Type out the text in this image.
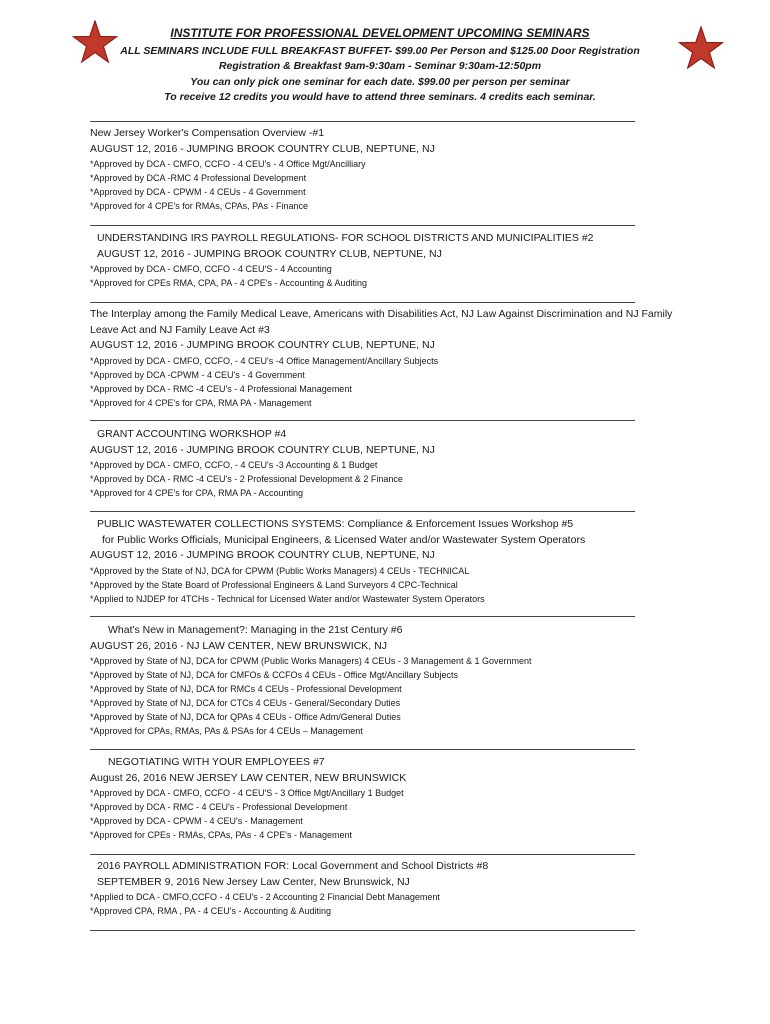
INSTITUTE FOR PROFESSIONAL DEVELOPMENT UPCOMING SEMINARS
ALL SEMINARS INCLUDE FULL BREAKFAST BUFFET- $99.00 Per Person and $125.00 Door Registration
Registration & Breakfast 9am-9:30am - Seminar 9:30am-12:50pm
You can only pick one seminar for each date. $99.00 per person per seminar
To receive 12 credits you would have to attend three seminars. 4 credits each seminar.
New Jersey Worker's Compensation Overview -#1
AUGUST 12, 2016 - JUMPING BROOK COUNTRY CLUB, NEPTUNE, NJ
*Approved by DCA - CMFO, CCFO - 4 CEU's - 4 Office Mgt/Ancilliary
*Approved by DCA -RMC 4 Professional Development
*Approved by DCA - CPWM - 4 CEUs - 4 Government
*Approved for 4 CPE's for RMAs, CPAs, PAs - Finance
UNDERSTANDING IRS PAYROLL REGULATIONS- FOR SCHOOL DISTRICTS AND MUNICIPALITIES #2
AUGUST 12, 2016 - JUMPING BROOK COUNTRY CLUB, NEPTUNE, NJ
*Approved by DCA - CMFO, CCFO - 4 CEU'S - 4 Accounting
*Approved for CPEs RMA, CPA, PA - 4 CPE's - Accounting & Auditing
The Interplay among the Family Medical Leave, Americans with Disabilities Act, NJ Law Against Discrimination and NJ Family Leave Act and NJ Family Leave Act #3
AUGUST 12, 2016 - JUMPING BROOK COUNTRY CLUB, NEPTUNE, NJ
*Approved by DCA - CMFO, CCFO, - 4 CEU's -4 Office Management/Ancillary Subjects
*Approved by DCA -CPWM - 4 CEU's - 4 Government
*Approved by DCA - RMC -4 CEU's - 4 Professional Management
*Approved for 4 CPE's for CPA, RMA PA - Management
GRANT ACCOUNTING WORKSHOP #4
AUGUST 12, 2016 - JUMPING BROOK COUNTRY CLUB, NEPTUNE, NJ
*Approved by DCA - CMFO, CCFO, - 4 CEU's -3 Accounting & 1 Budget
*Approved by DCA - RMC -4 CEU's - 2 Professional Development & 2 Finance
*Approved for 4 CPE's for CPA, RMA PA - Accounting
PUBLIC WASTEWATER COLLECTIONS SYSTEMS: Compliance & Enforcement Issues Workshop #5
for Public Works Officials, Municipal Engineers, & Licensed Water and/or Wastewater System Operators
AUGUST 12, 2016 - JUMPING BROOK COUNTRY CLUB, NEPTUNE, NJ
*Approved by the State of NJ, DCA for CPWM (Public Works Managers) 4 CEUs - TECHNICAL
*Approved by the State Board of Professional Engineers & Land Surveyors 4 CPC-Technical
*Applied to NJDEP for 4TCHs - Technical for Licensed Water and/or Wastewater System Operators
What's New in Management?: Managing in the 21st Century #6
AUGUST 26, 2016 - NJ LAW CENTER, NEW BRUNSWICK, NJ
*Approved by State of NJ, DCA for CPWM (Public Works Managers) 4 CEUs - 3 Management & 1 Government
*Approved by State of NJ, DCA for CMFOs & CCFOs 4 CEUs - Office Mgt/Ancillary Subjects
*Approved by State of NJ, DCA for RMCs 4 CEUs - Professional Development
*Approved by State of NJ, DCA for CTCs 4 CEUs - General/Secondary Duties
*Approved by State of NJ, DCA for QPAs 4 CEUs - Office Adm/General Duties
*Approved for CPAs, RMAs, PAs & PSAs for 4 CEUs – Management
NEGOTIATING WITH YOUR EMPLOYEES #7
August 26, 2016 NEW JERSEY LAW CENTER, NEW BRUNSWICK
*Approved by DCA - CMFO, CCFO - 4 CEU'S - 3 Office Mgt/Ancillary 1 Budget
*Approved by DCA - RMC - 4 CEU's - Professional Development
*Approved by DCA - CPWM - 4 CEU's - Management
*Approved for CPEs - RMAs, CPAs, PAs - 4 CPE's - Management
2016 PAYROLL ADMINISTRATION FOR: Local Government and School Districts #8
SEPTEMBER 9, 2016 New Jersey Law Center, New Brunswick, NJ
*Applied to DCA - CMFO,CCFO - 4 CEU's - 2 Accounting 2 Financial Debt Management
*Approved CPA, RMA , PA - 4 CEU's - Accounting & Auditing
